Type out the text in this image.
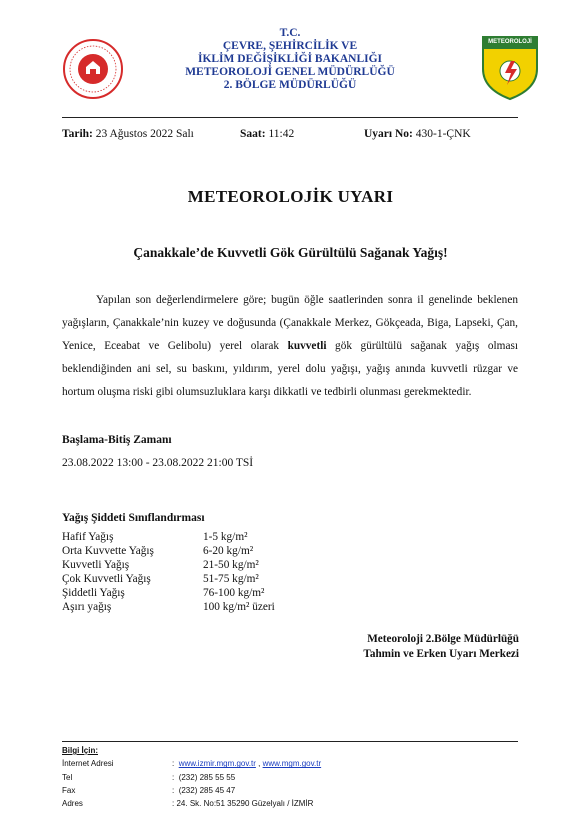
T.C.
ÇEVRE, ŞEHİRCİLİK VE
İKLİM DEĞİŞİKLİĞİ BAKANLIĞI
METEOROLOJİ GENEL MÜDÜRLÜĞÜ
2. BÖLGE MÜDÜRLÜĞÜ
METEOROLOJİ
Tarih: 23 Ağustos 2022 Salı	Saat: 11:42	Uyarı No: 430-1-ÇNK
METEOROLOJİK UYARI
Çanakkale’de Kuvvetli Gök Gürültülü Sağanak Yağış!
Yapılan son değerlendirmelere göre; bugün öğle saatlerinden sonra il genelinde beklenen yağışların, Çanakkale’nin kuzey ve doğusunda (Çanakkale Merkez, Gökçeada, Biga, Lapseki, Çan, Yenice, Eceabat ve Gelibolu) yerel olarak kuvvetli gök gürültülü sağanak yağış olması beklendiğinden ani sel, su baskını, yıldırım, yerel dolu yağışı, yağış anında kuvvetli rüzgar ve hortum oluşma riski gibi olumsuzluklara karşı dikkatli ve tedbirli olunması gerekmektedir.
Başlama-Bitiş Zamanı
23.08.2022 13:00 - 23.08.2022 21:00 TSİ
Yağış Şiddeti Sınıflandırması
Hafif Yağış	1-5 kg/m²
Orta Kuvvette Yağış	6-20 kg/m²
Kuvvetli Yağış	21-50 kg/m²
Çok Kuvvetli Yağış	51-75 kg/m²
Şiddetli Yağış	76-100 kg/m²
Aşırı yağış	100 kg/m² üzeri
Meteoroloji 2.Bölge Müdürlüğü
Tahmin ve Erken Uyarı Merkezi
Bilgi İçin:
İnternet Adresi	: www.izmir.mgm.gov.tr , www.mgm.gov.tr
Tel	: (232) 285 55 55
Fax	: (232) 285 45 47
Adres	: 24. Sk. No:51 35290 Güzelyalı / İZMİR
